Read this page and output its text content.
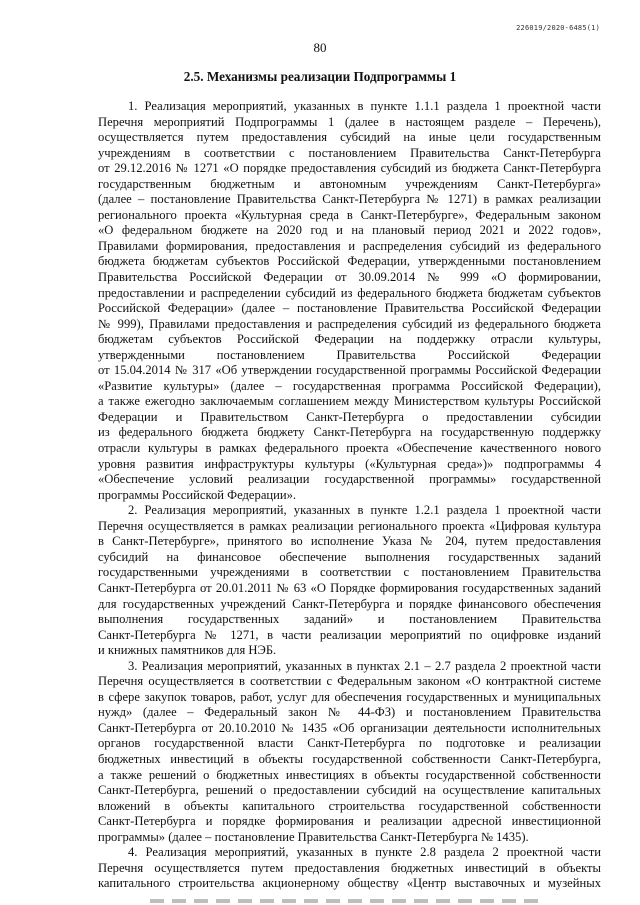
226019/2020-6485(1)
80
2.5. Механизмы реализации Подпрограммы 1
1. Реализация мероприятий, указанных в пункте 1.1.1 раздела 1 проектной части
Перечня мероприятий Подпрограммы 1 (далее в настоящем разделе – Перечень),
осуществляется путем предоставления субсидий на иные цели государственным
учреждениям в соответствии с постановлением Правительства Санкт-Петербурга
от 29.12.2016 № 1271 «О порядке предоставления субсидий из бюджета Санкт-Петербурга
государственным бюджетным и автономным учреждениям Санкт-Петербурга»
(далее – постановление Правительства Санкт-Петербурга № 1271) в рамках реализации
регионального проекта «Культурная среда в Санкт-Петербурге», Федеральным законом
«О федеральном бюджете на 2020 год и на плановый период 2021 и 2022 годов»,
Правилами формирования, предоставления и распределения субсидий из федерального
бюджета бюджетам субъектов Российской Федерации, утвержденными постановлением
Правительства Российской Федерации от 30.09.2014 № 999 «О формировании,
предоставлении и распределении субсидий из федерального бюджета бюджетам субъектов
Российской Федерации» (далее – постановление Правительства Российской Федерации
№ 999), Правилами предоставления и распределения субсидий из федерального бюджета
бюджетам субъектов Российской Федерации на поддержку отрасли культуры,
утвержденными постановлением Правительства Российской Федерации
от 15.04.2014 № 317 «Об утверждении государственной программы Российской Федерации
«Развитие культуры» (далее – государственная программа Российской Федерации),
а также ежегодно заключаемым соглашением между Министерством культуры Российской
Федерации и Правительством Санкт-Петербурга о предоставлении субсидии
из федерального бюджета бюджету Санкт-Петербурга на государственную поддержку
отрасли культуры в рамках федерального проекта «Обеспечение качественного нового
уровня развития инфраструктуры культуры («Культурная среда»)» подпрограммы 4
«Обеспечение условий реализации государственной программы» государственной
программы Российской Федерации».
2. Реализация мероприятий, указанных в пункте 1.2.1 раздела 1 проектной части
Перечня осуществляется в рамках реализации регионального проекта «Цифровая культура
в Санкт-Петербурге», принятого во исполнение Указа № 204, путем предоставления
субсидий на финансовое обеспечение выполнения государственных заданий
государственными учреждениями в соответствии с постановлением Правительства
Санкт-Петербурга от 20.01.2011 № 63 «О Порядке формирования государственных заданий
для государственных учреждений Санкт-Петербурга и порядке финансового обеспечения
выполнения государственных заданий» и постановлением Правительства
Санкт-Петербурга № 1271, в части реализации мероприятий по оцифровке изданий
и книжных памятников для НЭБ.
3. Реализация мероприятий, указанных в пунктах 2.1 – 2.7 раздела 2 проектной части
Перечня осуществляется в соответствии с Федеральным законом «О контрактной системе
в сфере закупок товаров, работ, услуг для обеспечения государственных и муниципальных
нужд» (далее – Федеральный закон № 44-ФЗ) и постановлением Правительства
Санкт-Петербурга от 20.10.2010 № 1435 «Об организации деятельности исполнительных
органов государственной власти Санкт-Петербурга по подготовке и реализации
бюджетных инвестиций в объекты государственной собственности Санкт-Петербурга,
а также решений о бюджетных инвестициях в объекты государственной собственности
Санкт-Петербурга, решений о предоставлении субсидий на осуществление капитальных
вложений в объекты капитального строительства государственной собственности
Санкт-Петербурга и порядке формирования и реализации адресной инвестиционной
программы» (далее – постановление Правительства Санкт-Петербурга № 1435).
4. Реализация мероприятий, указанных в пункте 2.8 раздела 2 проектной части
Перечня осуществляется путем предоставления бюджетных инвестиций в объекты
капитального строительства акционерному обществу «Центр выставочных и музейных
